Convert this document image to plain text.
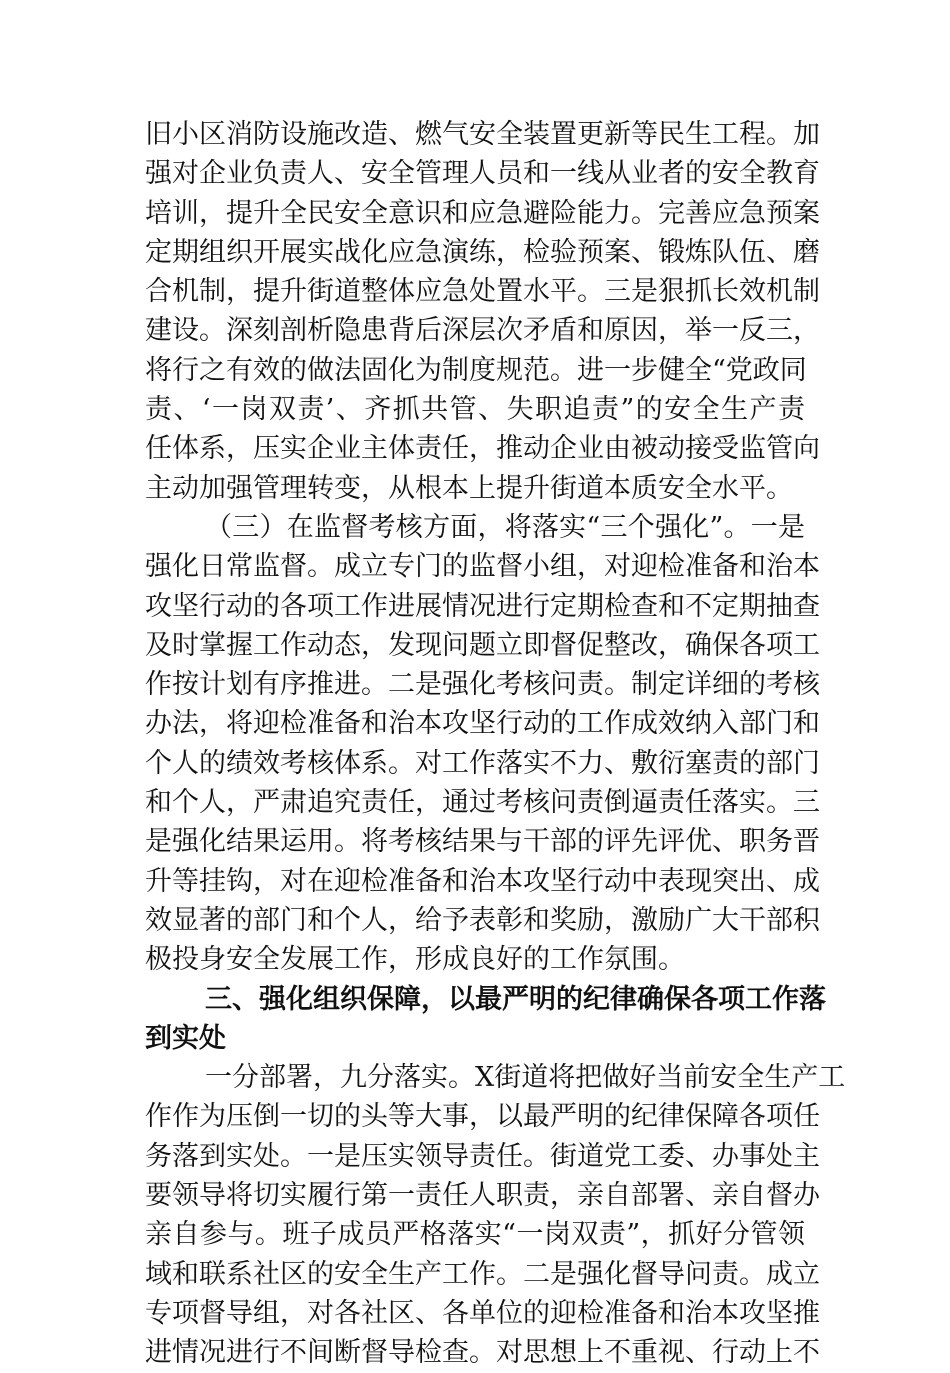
旧小区消防设施改造、燃气安全装置更新等民生工程。加
强对企业负责人、安全管理人员和一线从业者的安全教育
培训，提升全民安全意识和应急避险能力。完善应急预案
定期组织开展实战化应急演练，检验预案、锻炼队伍、磨
合机制，提升街道整体应急处置水平。三是狠抓长效机制
建设。深刻剖析隐患背后深层次矛盾和原因，举一反三，
将行之有效的做法固化为制度规范。进一步健全“党政同
责、‘一岗双责’、齐抓共管、失职追责”的安全生产责
任体系，压实企业主体责任，推动企业由被动接受监管向
主动加强管理转变，从根本上提升街道本质安全水平。
（三）在监督考核方面，将落实“三个强化”。一是
强化日常监督。成立专门的监督小组，对迎检准备和治本
攻坚行动的各项工作进展情况进行定期检查和不定期抽查
及时掌握工作动态，发现问题立即督促整改，确保各项工
作按计划有序推进。二是强化考核问责。制定详细的考核
办法，将迎检准备和治本攻坚行动的工作成效纳入部门和
个人的绩效考核体系。对工作落实不力、敷衍塞责的部门
和个人，严肃追究责任，通过考核问责倒逼责任落实。三
是强化结果运用。将考核结果与干部的评先评优、职务晋
升等挂钩，对在迎检准备和治本攻坚行动中表现突出、成
效显著的部门和个人，给予表彰和奖励，激励广大干部积
极投身安全发展工作，形成良好的工作氛围。
三、强化组织保障，以最严明的纪律确保各项工作落
到实处
一分部署，九分落实。X街道将把做好当前安全生产工
作作为压倒一切的头等大事，以最严明的纪律保障各项任
务落到实处。一是压实领导责任。街道党工委、办事处主
要领导将切实履行第一责任人职责，亲自部署、亲自督办
亲自参与。班子成员严格落实“一岗双责”，抓好分管领
域和联系社区的安全生产工作。二是强化督导问责。成立
专项督导组，对各社区、各单位的迎检准备和治本攻坚推
进情况进行不间断督导检查。对思想上不重视、行动上不
